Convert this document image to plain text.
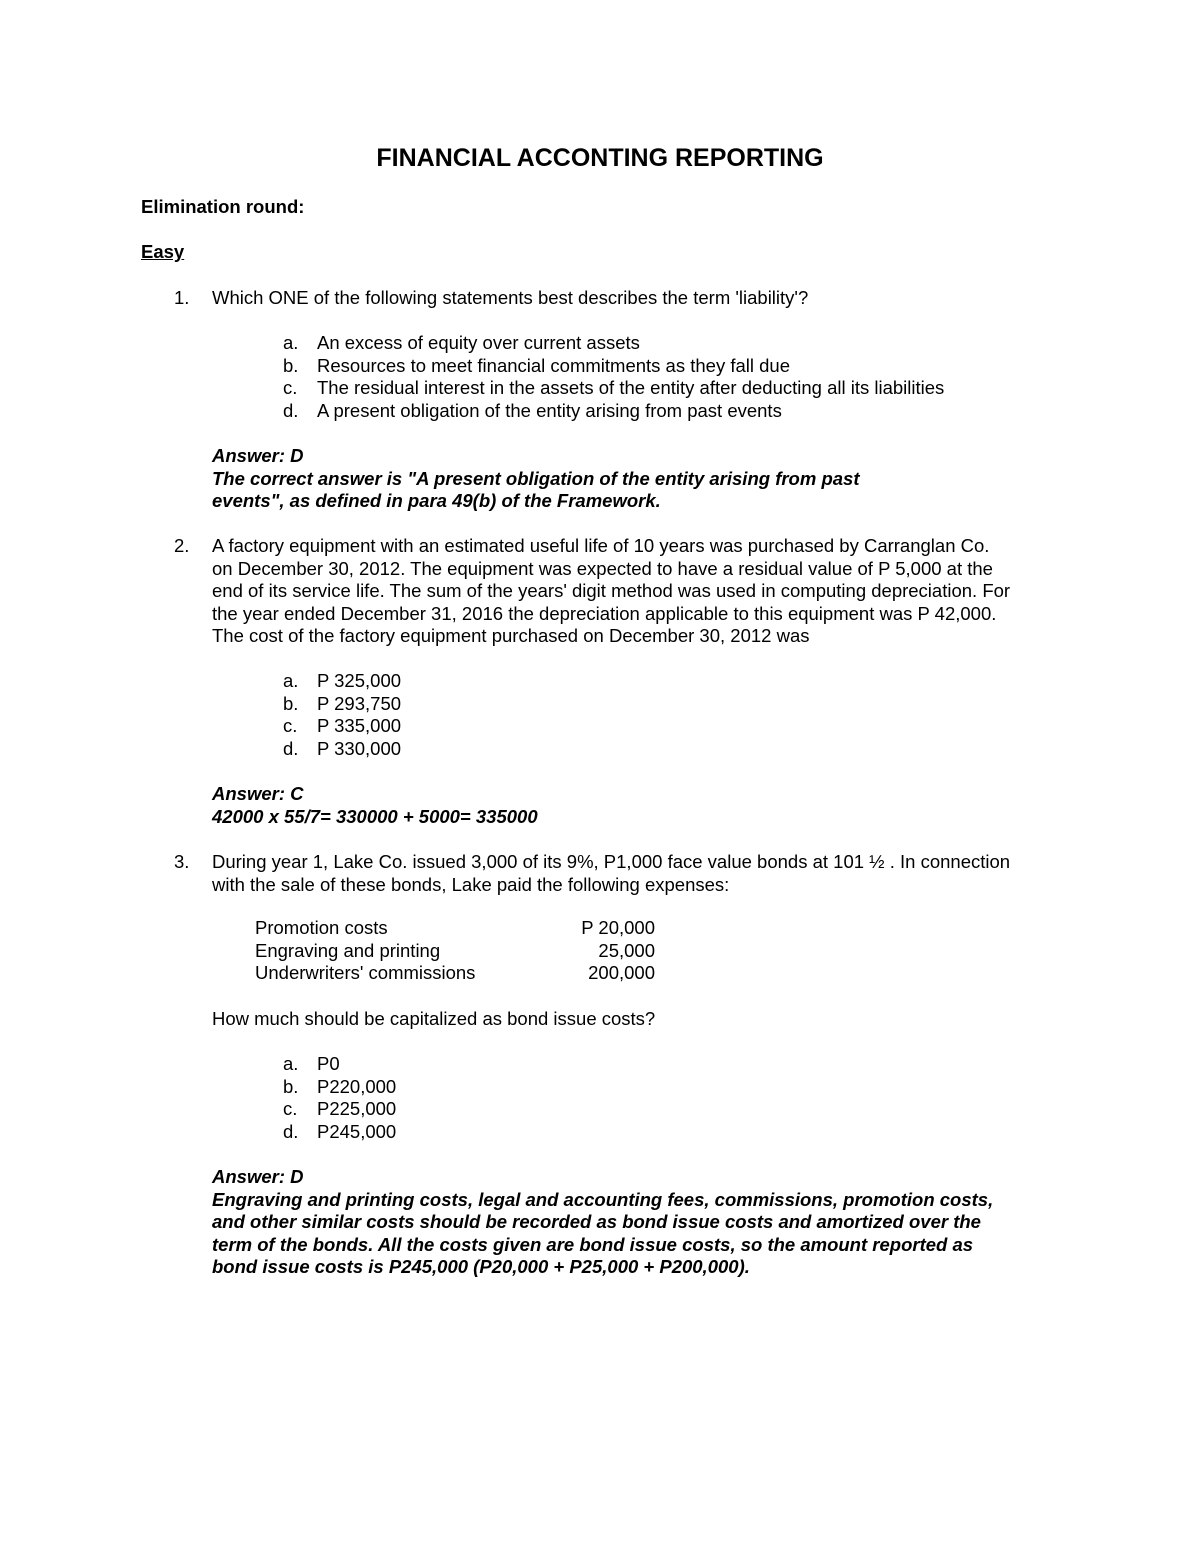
FINANCIAL ACCONTING REPORTING

Elimination round:

Easy

1. Which ONE of the following statements best describes the term 'liability'?

a. An excess of equity over current assets
b. Resources to meet financial commitments as they fall due
c. The residual interest in the assets of the entity after deducting all its liabilities
d. A present obligation of the entity arising from past events
Answer: D
The correct answer is "A present obligation of the entity arising from past
events", as defined in para 49(b) of the Framework.
2. A factory equipment with an estimated useful life of 10 years was purchased by Carranglan Co.
on December 30, 2012. The equipment was expected to have a residual value of P 5,000 at the
end of its service life. The sum of the years' digit method was used in computing depreciation. For
the year ended December 31, 2016 the depreciation applicable to this equipment was P 42,000.
The cost of the factory equipment purchased on December 30, 2012 was
a. P 325,000
b. P 293,750
c. P 335,000
d. P 330,000
Answer: C
42000 x 55/7= 330000 + 5000= 335000
3. During year 1, Lake Co. issued 3,000 of its 9%, P1,000 face value bonds at 101 ½ . In connection
with the sale of these bonds, Lake paid the following expenses:
Promotion costs	P 20,000
Engraving and printing	25,000
Underwriters' commissions	200,000

How much should be capitalized as bond issue costs?

a. P0
b. P220,000
c. P225,000
d. P245,000
Answer: D
Engraving and printing costs, legal and accounting fees, commissions, promotion costs,
and other similar costs should be recorded as bond issue costs and amortized over the
term of the bonds. All the costs given are bond issue costs, so the amount reported as
bond issue costs is P245,000 (P20,000 + P25,000 + P200,000).
